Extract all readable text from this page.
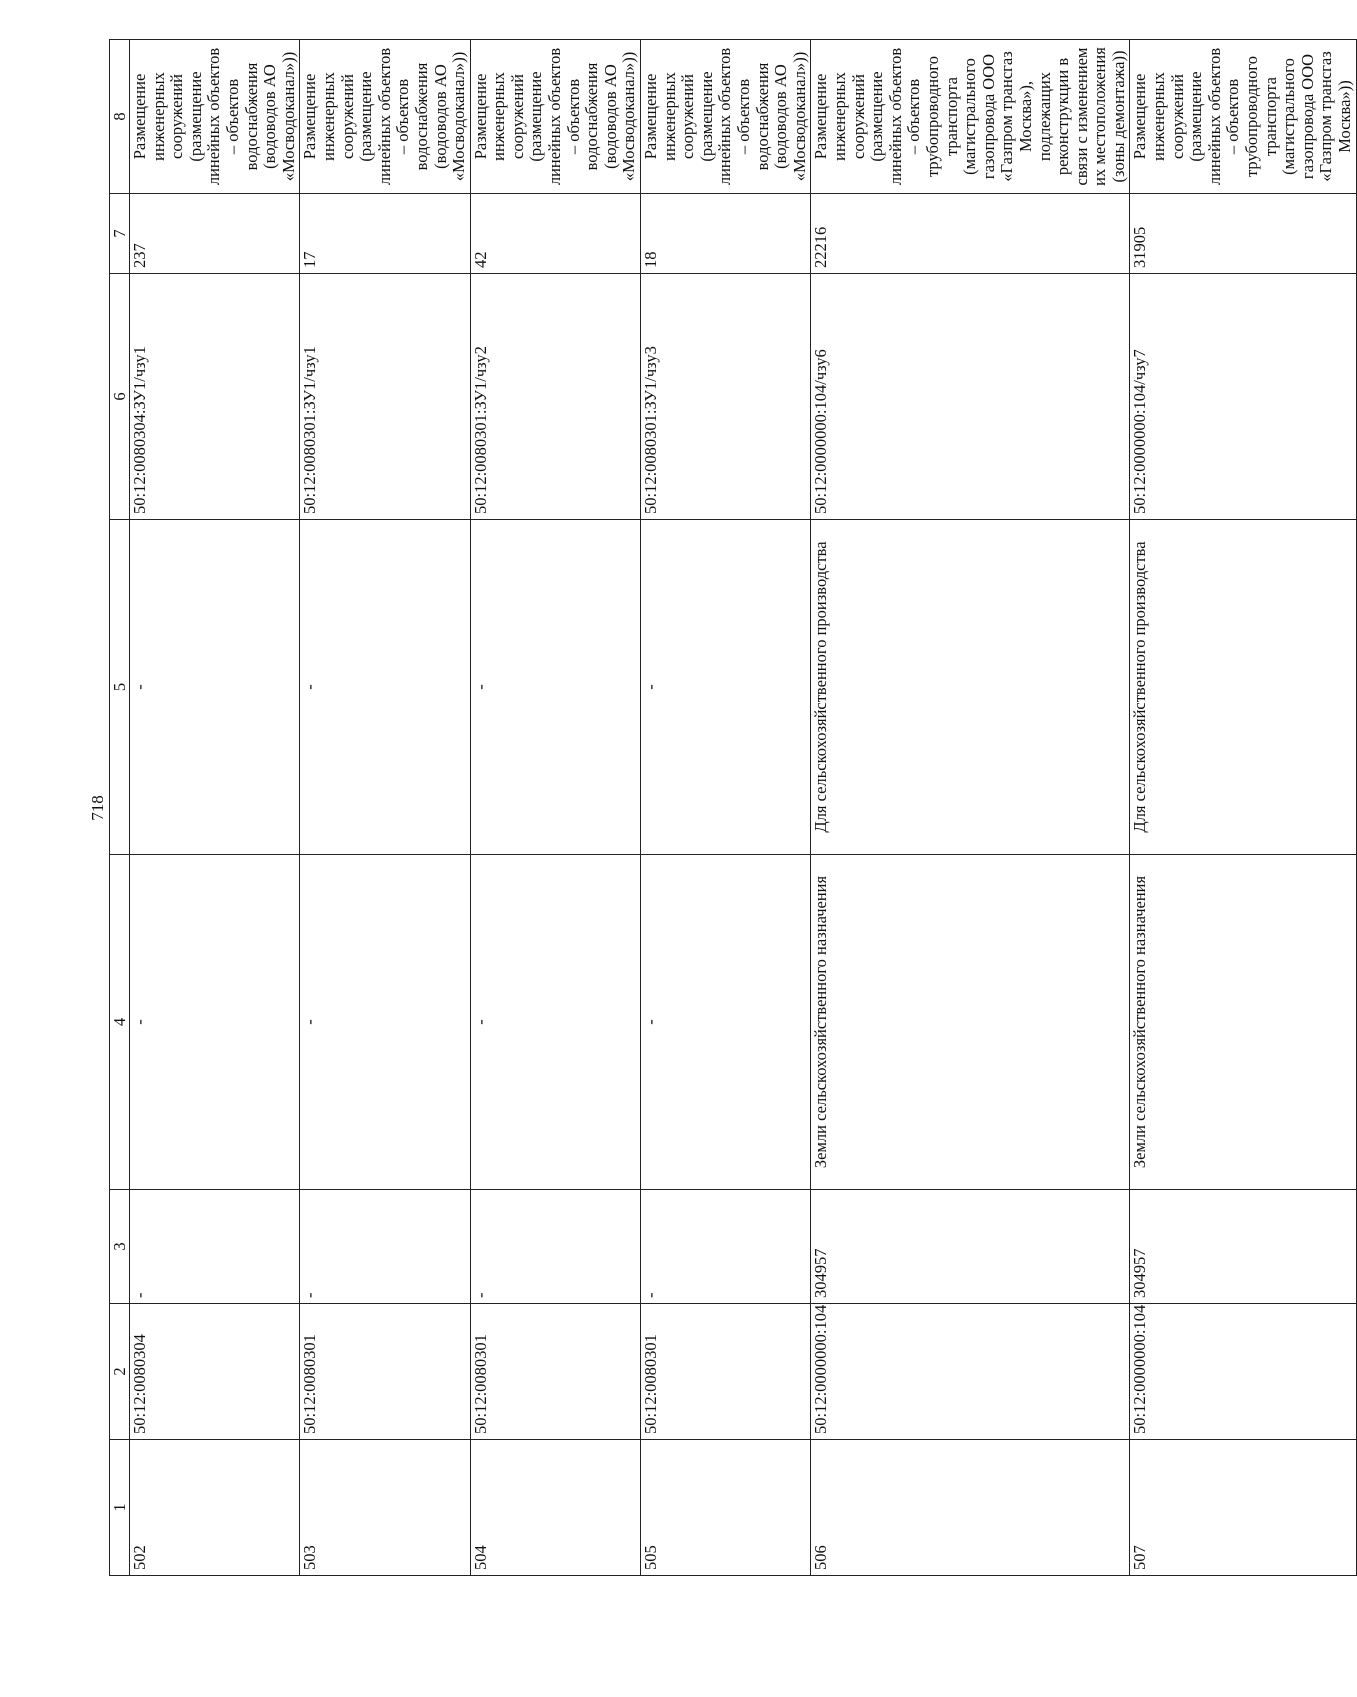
718
1	2	3	4	5	6	7	8
502	50:12:0080304	-	-	-	50:12:0080304:ЗУ1/чзу1	237	Размещение инженерных сооружений (размещение линейных объектов – объектов водоснабжения (водоводов АО «Мосводоканал»))
503	50:12:0080301	-	-	-	50:12:0080301:ЗУ1/чзу1	17	Размещение инженерных сооружений (размещение линейных объектов – объектов водоснабжения (водоводов АО «Мосводоканал»))
504	50:12:0080301	-	-	-	50:12:0080301:ЗУ1/чзу2	42	Размещение инженерных сооружений (размещение линейных объектов – объектов водоснабжения (водоводов АО «Мосводоканал»))
505	50:12:0080301	-	-	-	50:12:0080301:ЗУ1/чзу3	18	Размещение инженерных сооружений (размещение линейных объектов – объектов водоснабжения (водоводов АО «Мосводоканал»))
506	50:12:0000000:104	304957	Земли сельскохозяйственного назначения	Для сельскохозяйственного производства	50:12:0000000:104/чзу6	22216	Размещение инженерных сооружений (размещение линейных объектов – объектов трубопроводного транспорта (магистрального газопровода ООО «Газпром трансгаз Москва»), подлежащих реконструкции в связи с изменением их местоположения (зоны демонтажа))
507	50:12:0000000:104	304957	Земли сельскохозяйственного назначения	Для сельскохозяйственного производства	50:12:0000000:104/чзу7	31905	Размещение инженерных сооружений (размещение линейных объектов – объектов трубопроводного транспорта (магистрального газопровода ООО «Газпром трансгаз Москва»))
